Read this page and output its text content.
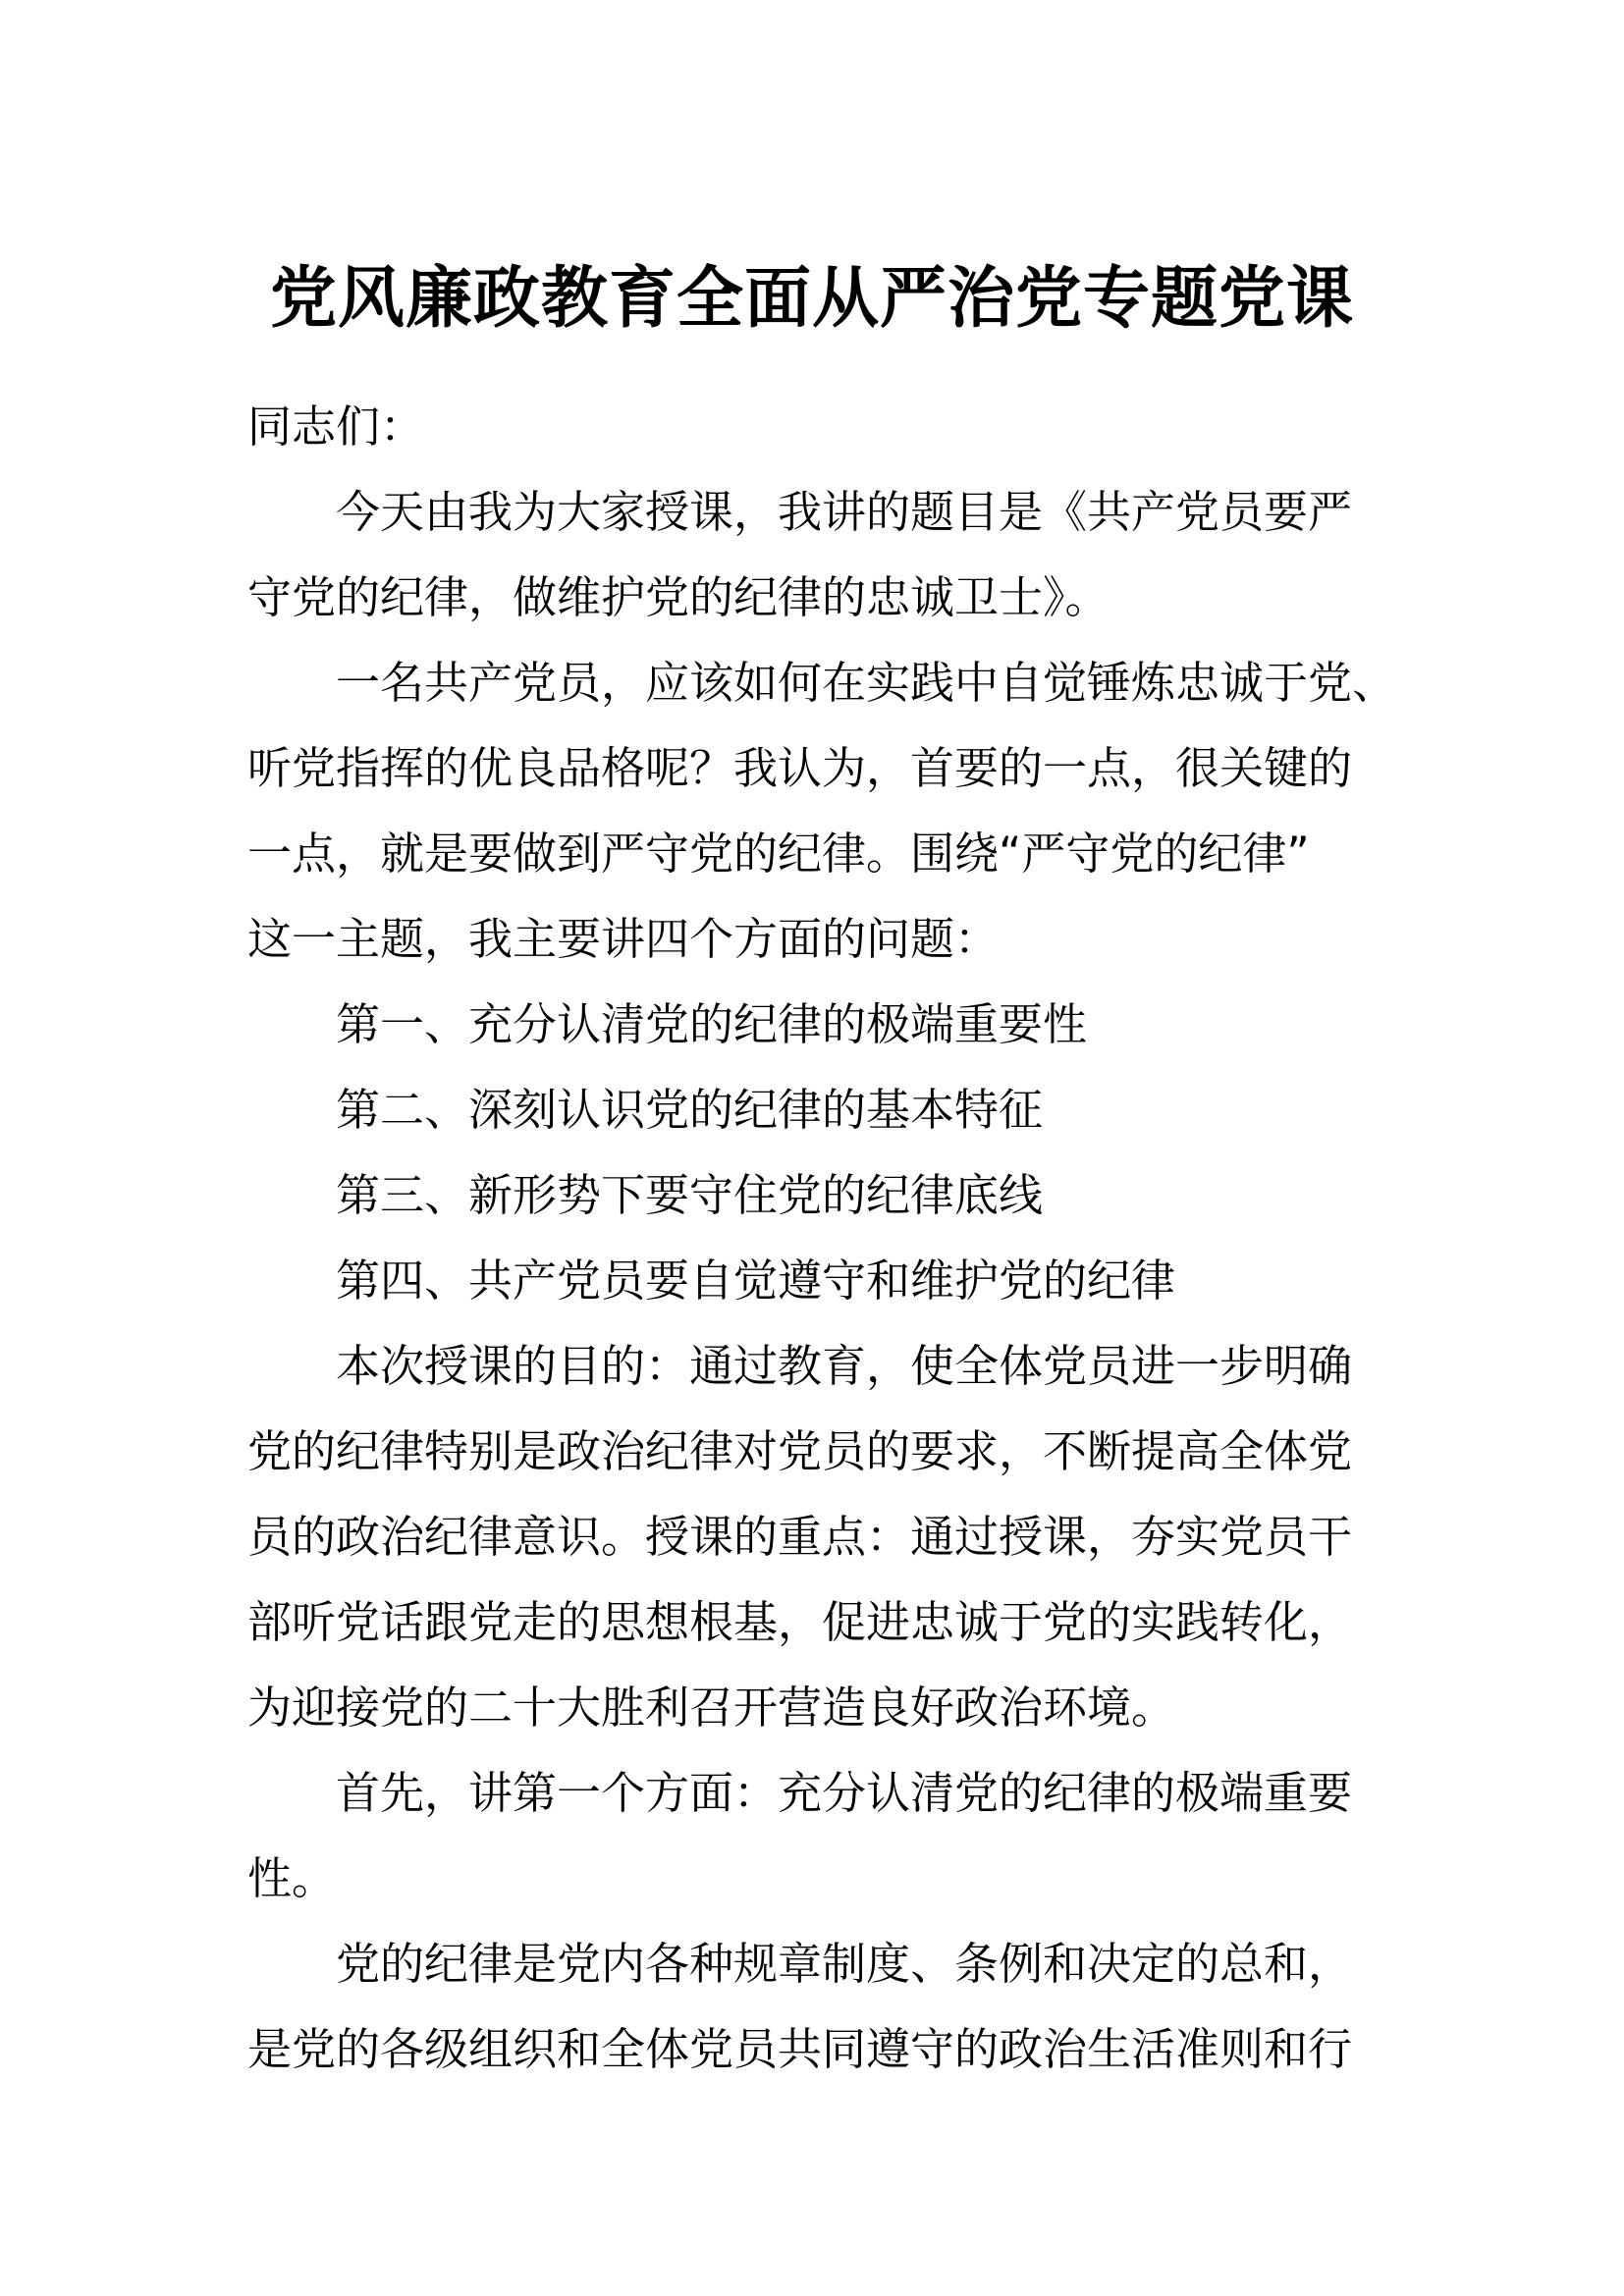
党风廉政教育全面从严治党专题党课
同志们：
今天由我为大家授课，我讲的题目是《共产党员要严
守党的纪律，做维护党的纪律的忠诚卫士》。
一名共产党员，应该如何在实践中自觉锤炼忠诚于党、
听党指挥的优良品格呢？我认为，首要的一点，很关键的
一点，就是要做到严守党的纪律。围绕“严守党的纪律”
这一主题，我主要讲四个方面的问题：
第一、充分认清党的纪律的极端重要性
第二、深刻认识党的纪律的基本特征
第三、新形势下要守住党的纪律底线
第四、共产党员要自觉遵守和维护党的纪律
本次授课的目的：通过教育，使全体党员进一步明确
党的纪律特别是政治纪律对党员的要求，不断提高全体党
员的政治纪律意识。授课的重点：通过授课，夯实党员干
部听党话跟党走的思想根基，促进忠诚于党的实践转化，
为迎接党的二十大胜利召开营造良好政治环境。
首先，讲第一个方面：充分认清党的纪律的极端重要
性。
党的纪律是党内各种规章制度、条例和决定的总和，
是党的各级组织和全体党员共同遵守的政治生活准则和行
